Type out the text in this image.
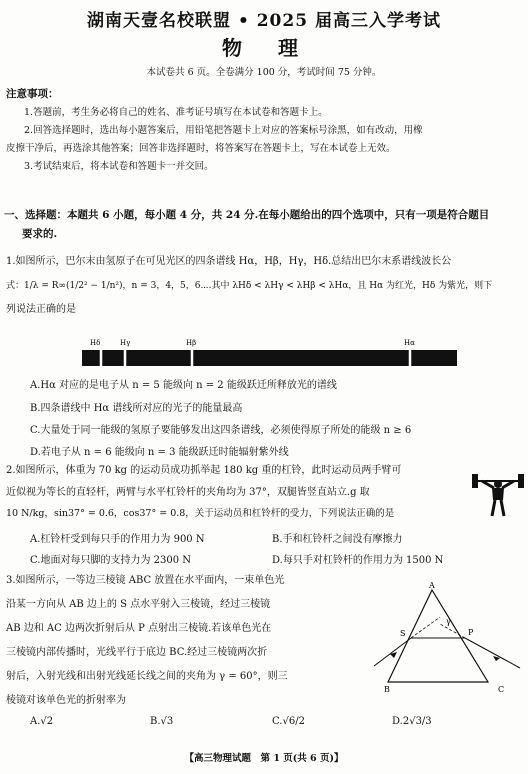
湖南天壹名校联盟 • 2025 届高三入学考试
物　理
本试卷共 6 页。全卷满分 100 分，考试时间 75 分钟。
注意事项：
1.答题前，考生务必将自己的姓名、准考证号填写在本试卷和答题卡上。
2.回答选择题时，选出每小题答案后，用铅笔把答题卡上对应的答案标号涂黑，如有改动，用橡
皮擦干净后，再选涂其他答案；回答非选择题时，将答案写在答题卡上，写在本试卷上无效。
3.考试结束后，将本试卷和答题卡一并交回。
一、选择题：本题共 6 小题，每小题 4 分，共 24 分.在每小题给出的四个选项中，只有一项是符合题目
要求的.
1.如图所示，巴尔末由氢原子在可见光区的四条谱线 Hα，Hβ，Hγ，Hδ.总结出巴尔末系谱线波长公
式：1/λ = R∞(1/2² − 1/n²)，n = 3，4，5，6⋯.其中 λHδ < λHγ < λHβ < λHα，且 Hα 为红光，Hδ 为紫光，则下
列说法正确的是
Hδ	Hγ	Hβ	Hα
A.Hα 对应的是电子从 n = 5 能级向 n = 2 能级跃迁所释放光的谱线
B.四条谱线中 Hα 谱线所对应的光子的能量最高
C.大量处于同一能级的氢原子要能够发出这四条谱线，必须使得原子所处的能级 n ≥ 6
D.若电子从 n = 6 能级向 n = 3 能级跃迁时能辐射紫外线
2.如图所示，体重为 70 kg 的运动员成功抓举起 180 kg 重的杠铃，此时运动员两手臂可
近似视为等长的直轻杆，两臂与水平杠铃杆的夹角均为 37°，双腿皆竖直站立.g 取
10 N/kg，sin37° = 0.6，cos37° = 0.8，关于运动员和杠铃杆的受力，下列说法正确的是
A.杠铃杆受到每只手的作用力为 900 N	B.手和杠铃杆之间没有摩擦力
C.地面对每只脚的支持力为 2300 N	D.每只手对杠铃杆的作用力为 1500 N
3.如图所示，一等边三棱镜 ABC 放置在水平面内，一束单色光
沿某一方向从 AB 边上的 S 点水平射入三棱镜，经过三棱镜
AB 边和 AC 边两次折射后从 P 点射出三棱镜.若该单色光在
三棱镜内部传播时，光线平行于底边 BC.经过三棱镜两次折
射后，入射光线和出射光线延长线之间的夹角为 γ = 60°，则三
棱镜对该单色光的折射率为
A
B	C
S	P
γ
A.√2	B.√3	C.√6/2	D.2√3/3
【高三物理试题　第 1 页(共 6 页)】
